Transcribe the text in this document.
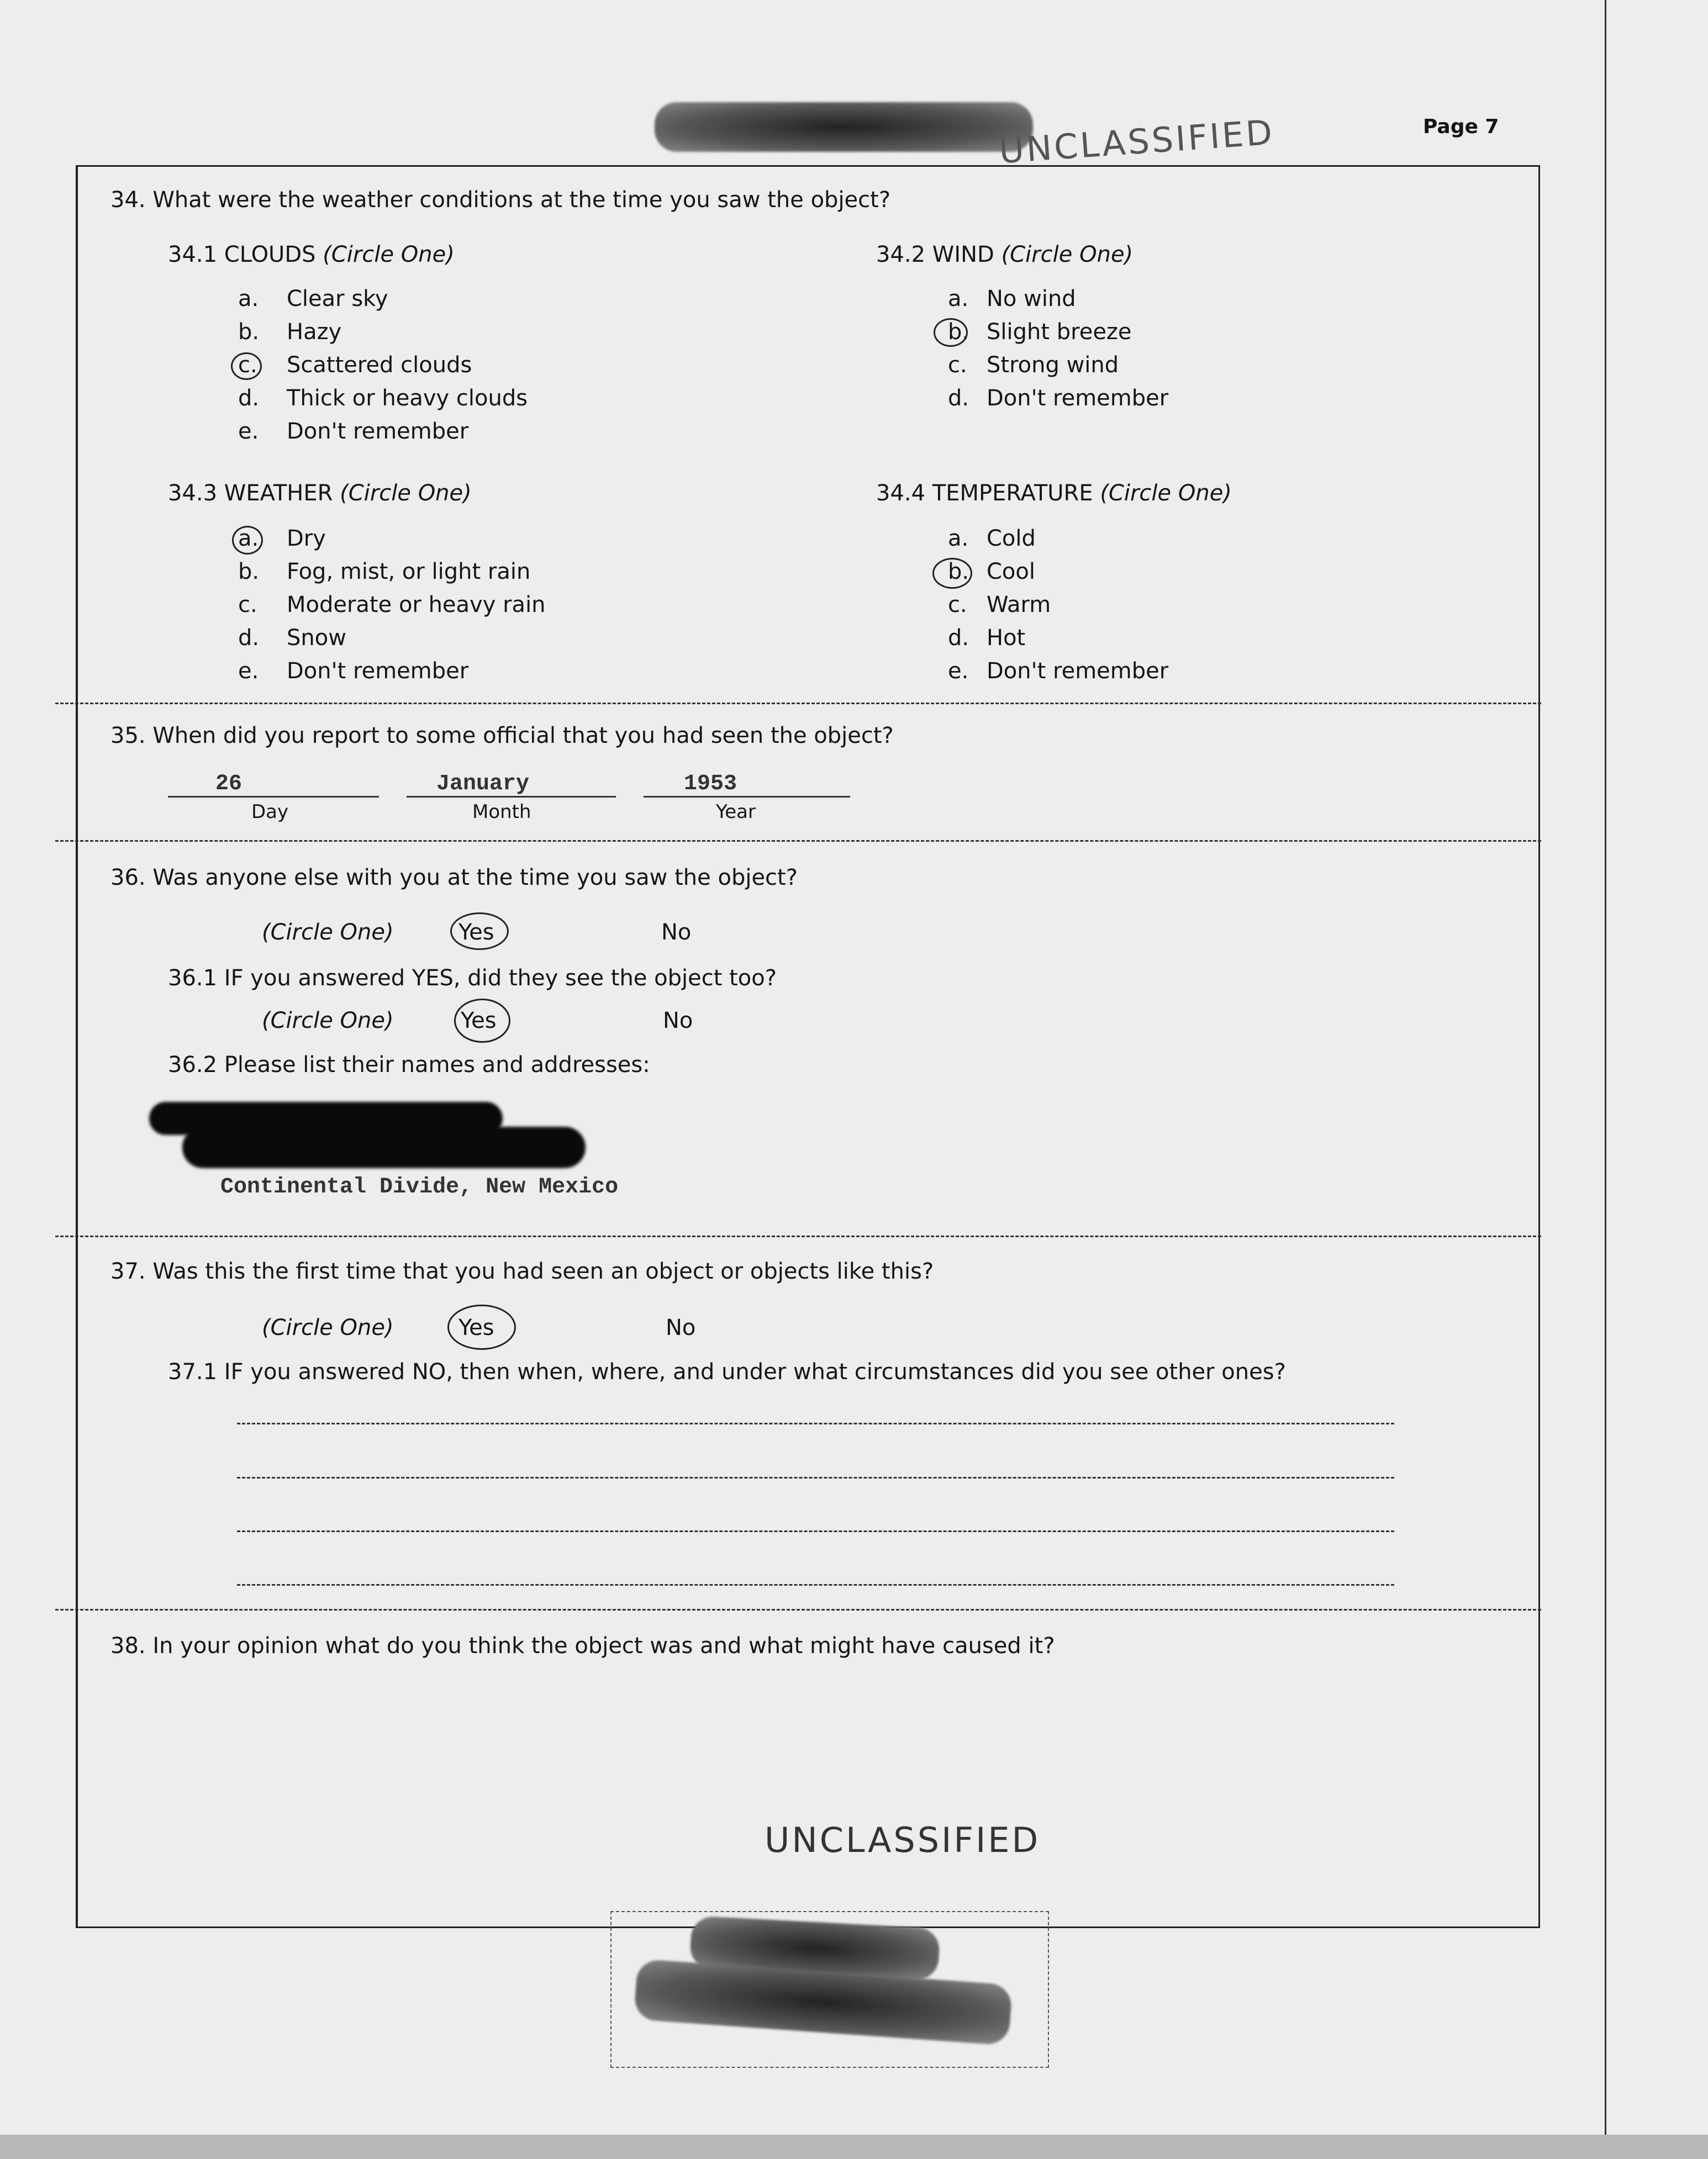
Page 7
UNCLASSIFIED
34. What were the weather conditions at the time you saw the object?
34.1 CLOUDS (Circle One)	34.2 WIND (Circle One)
34.3 WEATHER (Circle One)	34.4 TEMPERATURE (Circle One)
a. Clear sky
b. Hazy
c. Scattered clouds
d. Thick or heavy clouds
e. Don't remember
a. No wind
b. Slight breeze
c. Strong wind
d. Don't remember
a. Dry
b. Fog, mist, or light rain
c. Moderate or heavy rain
d. Snow
e. Don't remember
a. Cold
b. Cool
c. Warm
d. Hot
e. Don't remember
35. When did you report to some official that you had seen the object?
26	January	1953
Day	Month	Year
36. Was anyone else with you at the time you saw the object?
(Circle One)	Yes	No
36.1 IF you answered YES, did they see the object too?
(Circle One)	Yes	No
36.2 Please list their names and addresses:
Continental Divide, New Mexico
37. Was this the first time that you had seen an object or objects like this?
(Circle One)	Yes	No
37.1 IF you answered NO, then when, where, and under what circumstances did you see other ones?
38. In your opinion what do you think the object was and what might have caused it?
UNCLASSIFIED
